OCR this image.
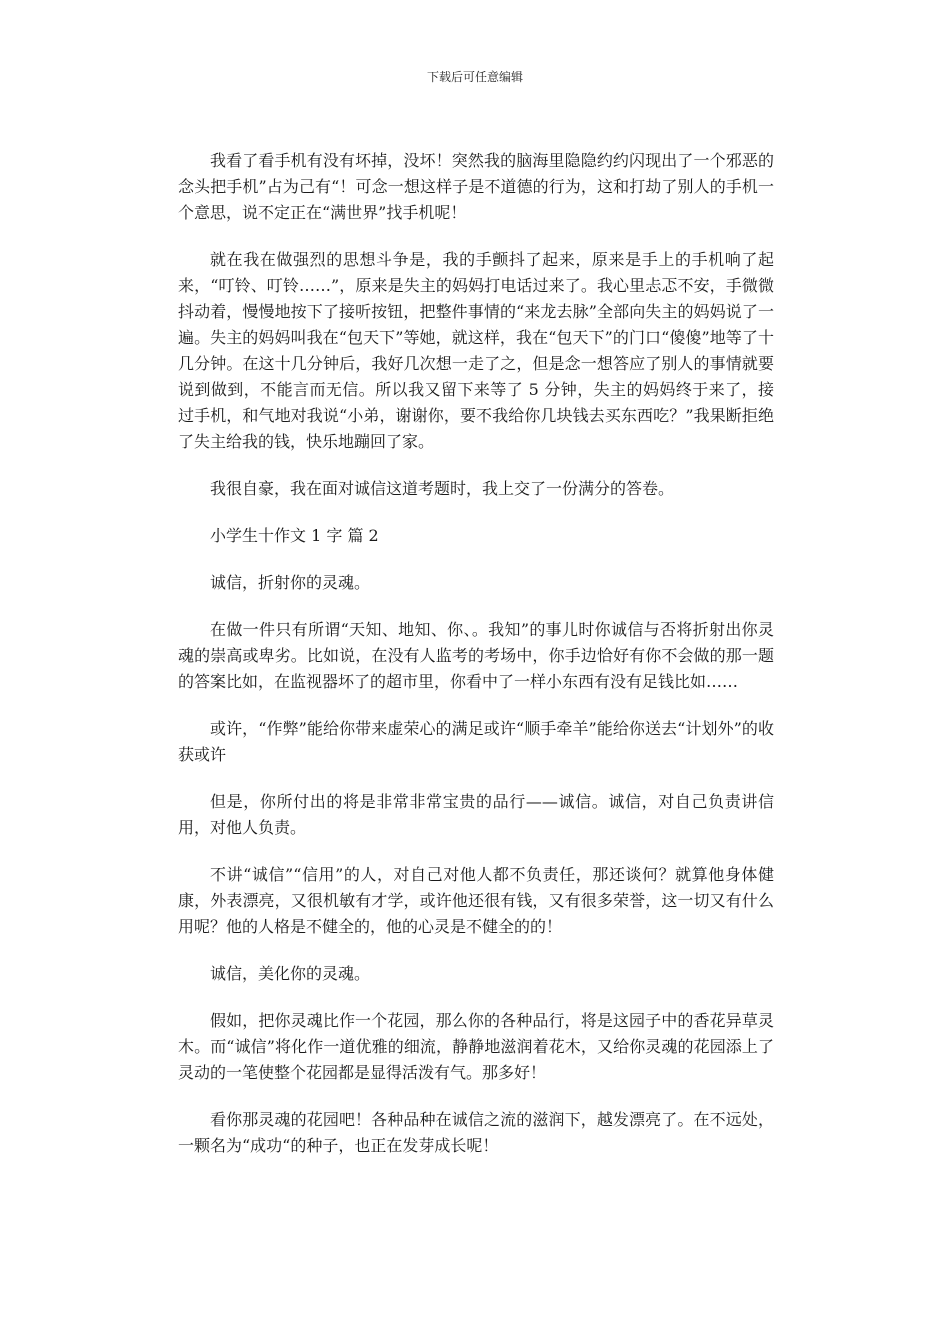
下载后可任意编辑

我看了看手机有没有坏掉，没坏！突然我的脑海里隐隐约约闪现出了一个邪恶的念头把手机”占为己有“！可念一想这样子是不道德的行为，这和打劫了别人的手机一个意思，说不定正在“满世界”找手机呢！

就在我在做强烈的思想斗争是，我的手颤抖了起来，原来是手上的手机响了起来，“叮铃、叮铃……”，原来是失主的妈妈打电话过来了。我心里忐忑不安，手微微抖动着，慢慢地按下了接听按钮，把整件事情的“来龙去脉”全部向失主的妈妈说了一遍。失主的妈妈叫我在“包天下”等她，就这样，我在“包天下”的门口“傻傻”地等了十几分钟。在这十几分钟后，我好几次想一走了之，但是念一想答应了别人的事情就要说到做到，不能言而无信。所以我又留下来等了 5 分钟，失主的妈妈终于来了，接过手机，和气地对我说“小弟，谢谢你，要不我给你几块钱去买东西吃？”我果断拒绝了失主给我的钱，快乐地蹦回了家。

我很自豪，我在面对诚信这道考题时，我上交了一份满分的答卷。

小学生十作文 1 字 篇 2

诚信，折射你的灵魂。

在做一件只有所谓“天知、地知、你、。我知”的事儿时你诚信与否将折射出你灵魂的崇高或卑劣。比如说，在没有人监考的考场中，你手边恰好有你不会做的那一题的答案比如，在监视器坏了的超市里，你看中了一样小东西有没有足钱比如……

或许，“作弊”能给你带来虚荣心的满足或许“顺手牵羊”能给你送去“计划外”的收获或许

但是，你所付出的将是非常非常宝贵的品行——诚信。诚信，对自己负责讲信用，对他人负责。

不讲“诚信”“信用”的人，对自己对他人都不负责任，那还谈何？就算他身体健康，外表漂亮，又很机敏有才学，或许他还很有钱，又有很多荣誉，这一切又有什么用呢？他的人格是不健全的，他的心灵是不健全的的！

诚信，美化你的灵魂。

假如，把你灵魂比作一个花园，那么你的各种品行，将是这园子中的香花异草灵木。而“诚信”将化作一道优雅的细流，静静地滋润着花木，又给你灵魂的花园添上了灵动的一笔使整个花园都是显得活泼有气。那多好！

看你那灵魂的花园吧！各种品种在诚信之流的滋润下，越发漂亮了。在不远处，一颗名为“成功“的种子，也正在发芽成长呢！
